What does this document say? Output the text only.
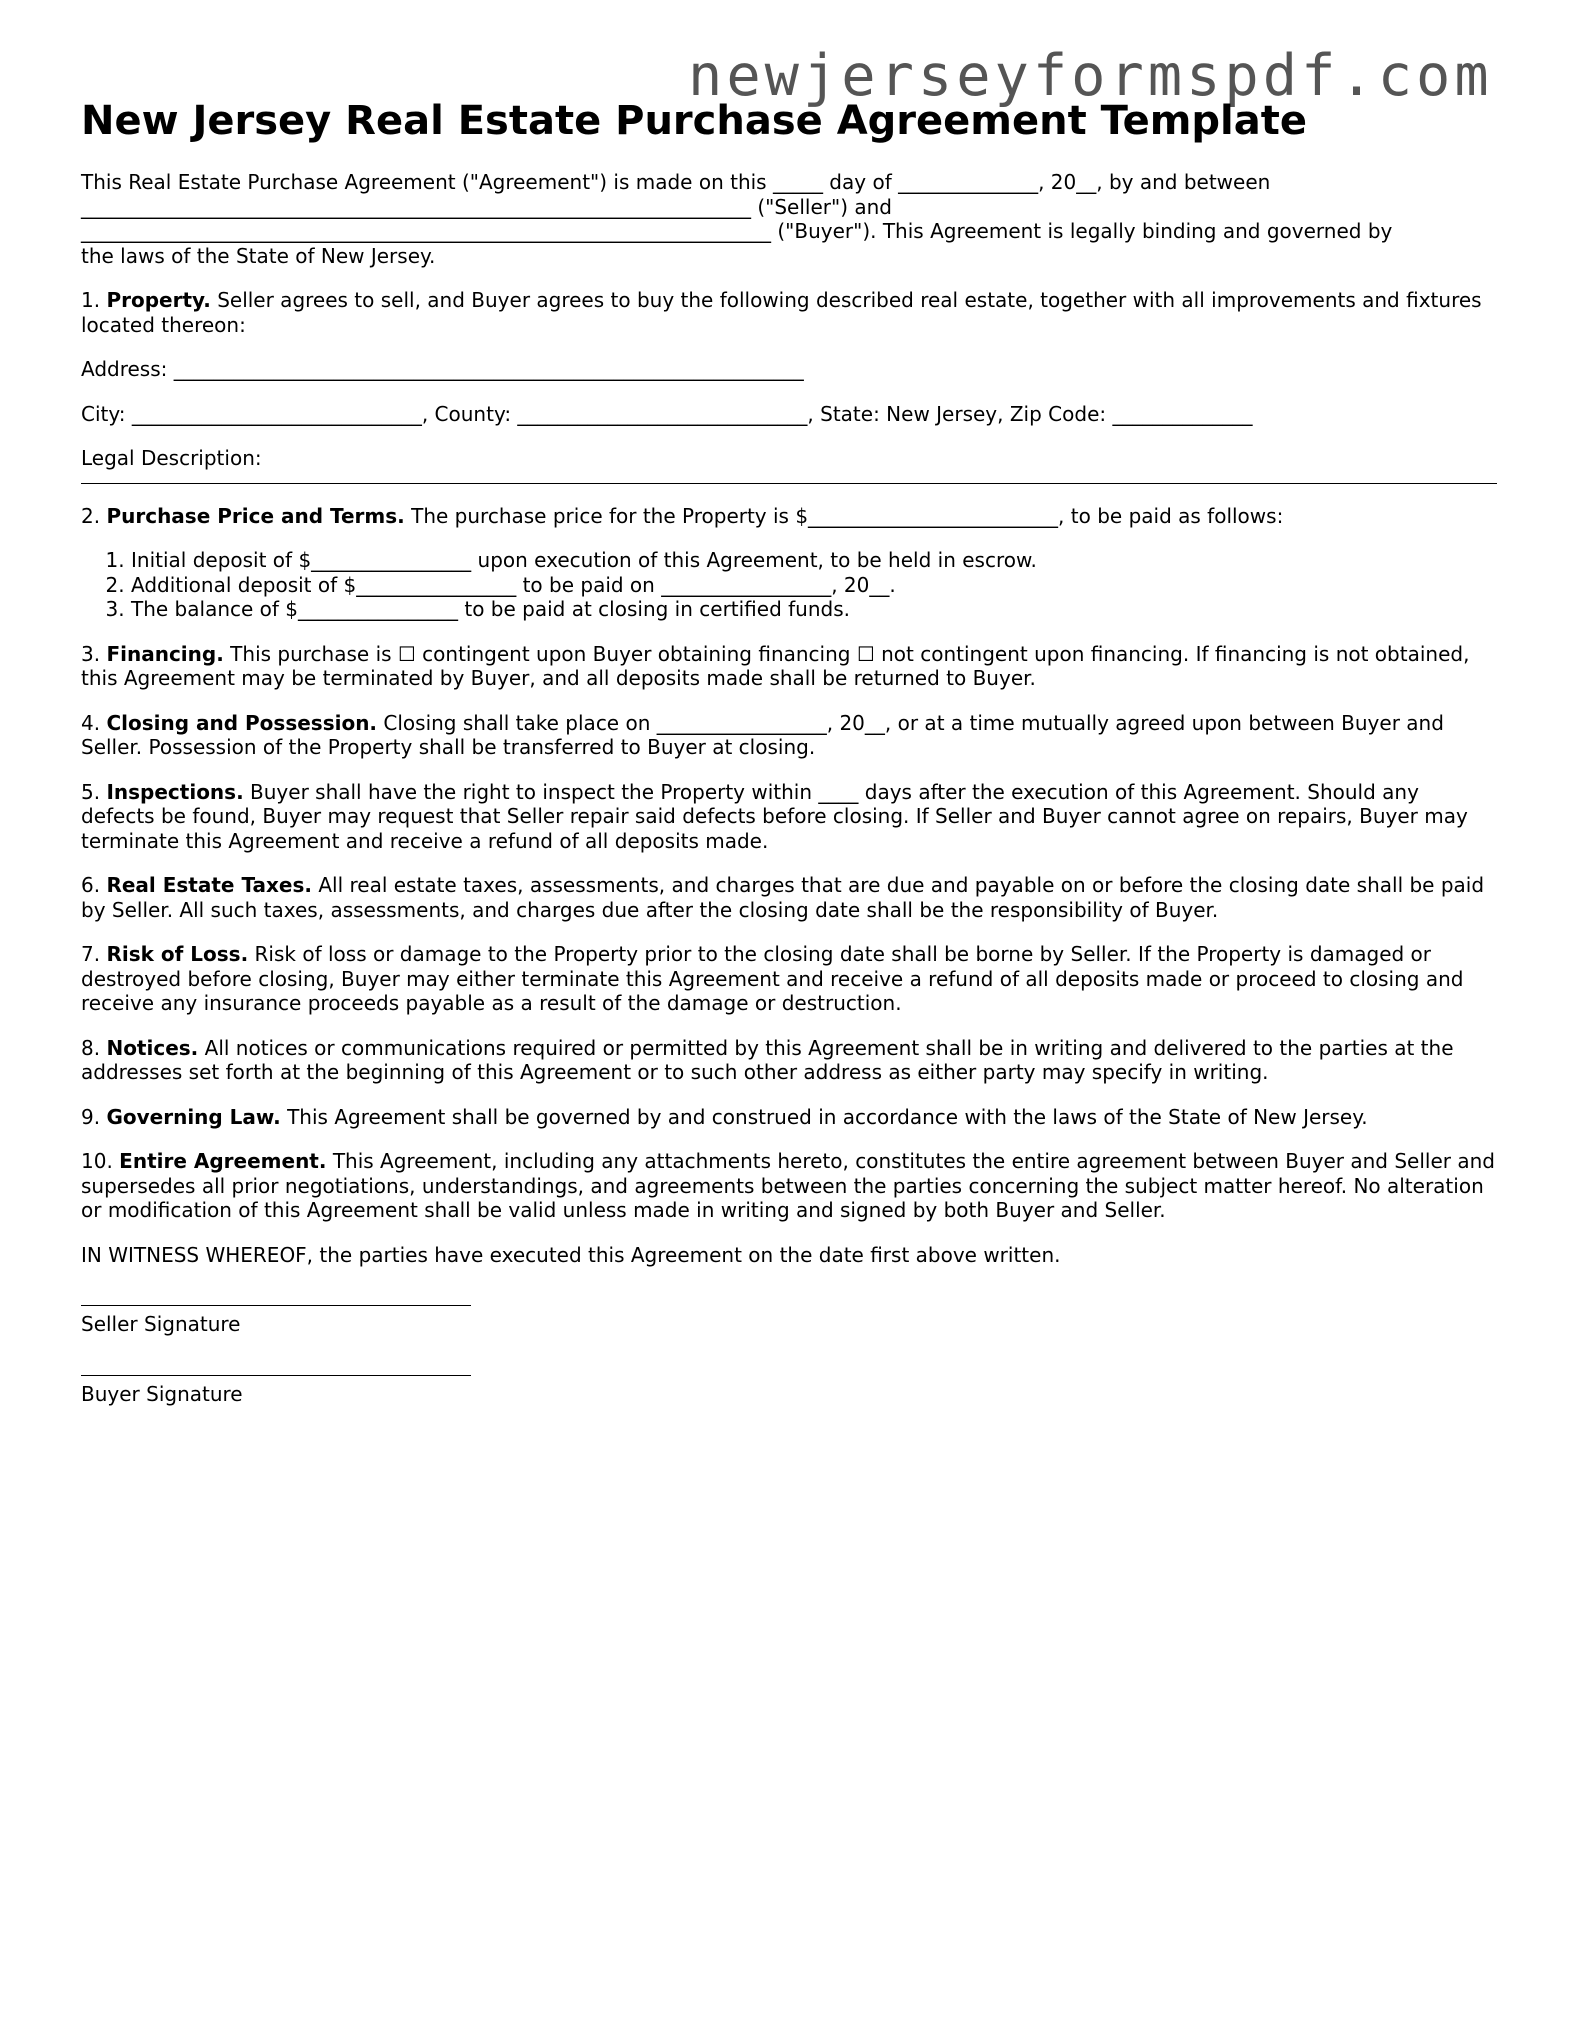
newjerseyformspdf.com
New Jersey Real Estate Purchase Agreement Template
This Real Estate Purchase Agreement ("Agreement") is made on this _____ day of ______________, 20__, by and between
___________________________________________________________________ ("Seller") and
_____________________________________________________________________ ("Buyer"). This Agreement is legally binding and governed by
the laws of the State of New Jersey.
1. Property. Seller agrees to sell, and Buyer agrees to buy the following described real estate, together with all improvements and fixtures located thereon:
Address: _______________________________________________________________
City: _____________________________, County: _____________________________, State: New Jersey, Zip Code: ______________
Legal Description:
2. Purchase Price and Terms. The purchase price for the Property is $_________________________, to be paid as follows:
1. Initial deposit of $________________ upon execution of this Agreement, to be held in escrow.
2. Additional deposit of $________________ to be paid on _________________, 20__.
3. The balance of $________________ to be paid at closing in certified funds.
3. Financing. This purchase is ☐ contingent upon Buyer obtaining financing ☐ not contingent upon financing. If financing is not obtained, this Agreement may be terminated by Buyer, and all deposits made shall be returned to Buyer.
4. Closing and Possession. Closing shall take place on _________________, 20__, or at a time mutually agreed upon between Buyer and Seller. Possession of the Property shall be transferred to Buyer at closing.
5. Inspections. Buyer shall have the right to inspect the Property within ____ days after the execution of this Agreement. Should any defects be found, Buyer may request that Seller repair said defects before closing. If Seller and Buyer cannot agree on repairs, Buyer may terminate this Agreement and receive a refund of all deposits made.
6. Real Estate Taxes. All real estate taxes, assessments, and charges that are due and payable on or before the closing date shall be paid by Seller. All such taxes, assessments, and charges due after the closing date shall be the responsibility of Buyer.
7. Risk of Loss. Risk of loss or damage to the Property prior to the closing date shall be borne by Seller. If the Property is damaged or destroyed before closing, Buyer may either terminate this Agreement and receive a refund of all deposits made or proceed to closing and receive any insurance proceeds payable as a result of the damage or destruction.
8. Notices. All notices or communications required or permitted by this Agreement shall be in writing and delivered to the parties at the addresses set forth at the beginning of this Agreement or to such other address as either party may specify in writing.
9. Governing Law. This Agreement shall be governed by and construed in accordance with the laws of the State of New Jersey.
10. Entire Agreement. This Agreement, including any attachments hereto, constitutes the entire agreement between Buyer and Seller and supersedes all prior negotiations, understandings, and agreements between the parties concerning the subject matter hereof. No alteration or modification of this Agreement shall be valid unless made in writing and signed by both Buyer and Seller.
IN WITNESS WHEREOF, the parties have executed this Agreement on the date first above written.
Seller Signature
Buyer Signature
